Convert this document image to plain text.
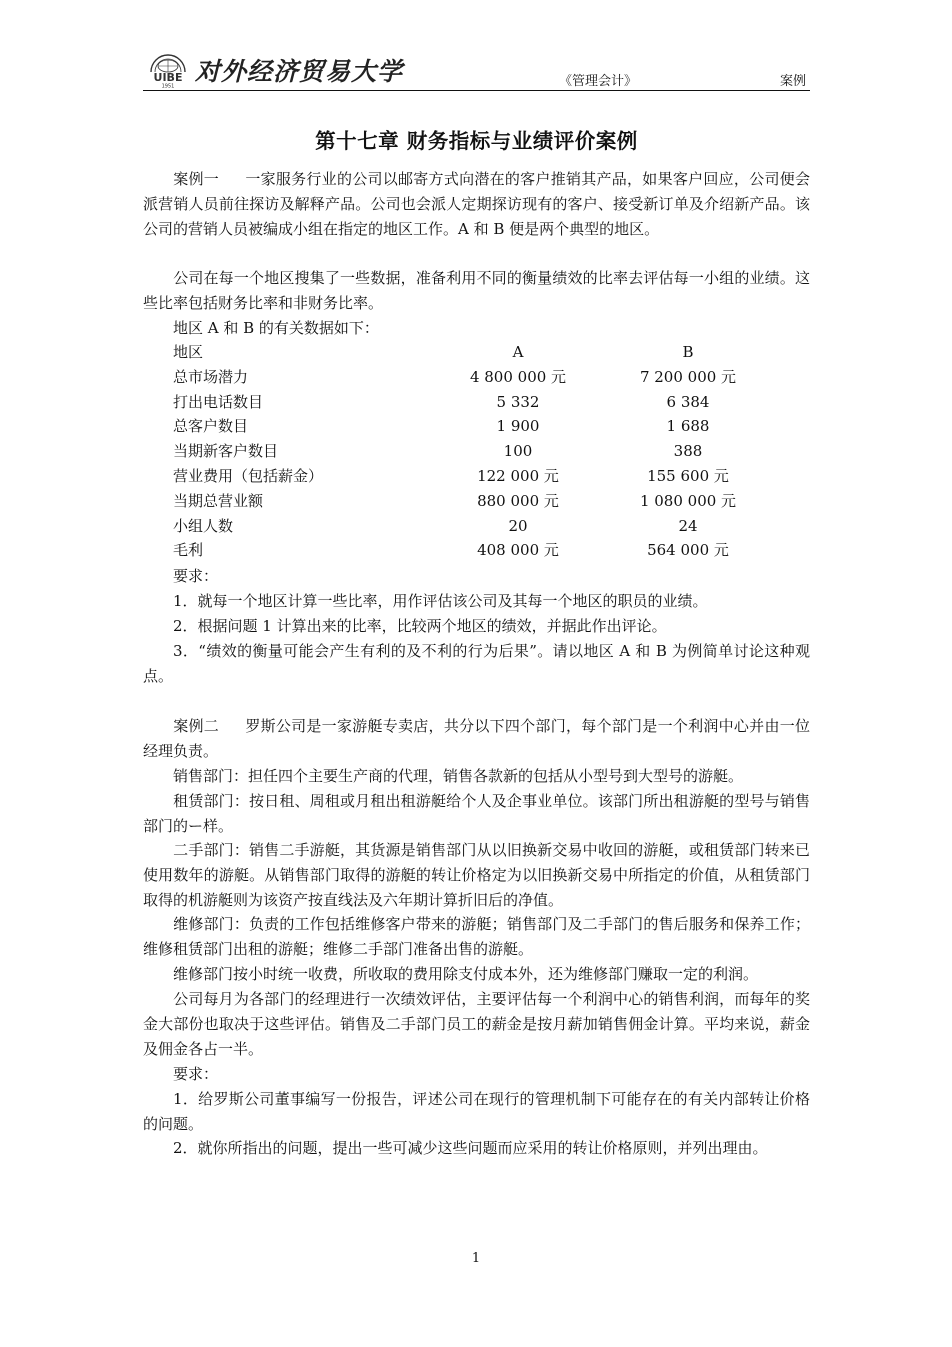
UIBE
1951
对外经济贸易大学	《管理会计》	案例
第十七章 财务指标与业绩评价案例

案例一 一家服务行业的公司以邮寄方式向潜在的客户推销其产品，如果客户回应，公司便会派营销人员前往探访及解释产品。公司也会派人定期探访现有的客户、接受新订单及介绍新产品。该公司的营销人员被编成小组在指定的地区工作。A 和 B 便是两个典型的地区。

公司在每一个地区搜集了一些数据，准备利用不同的衡量绩效的比率去评估每一小组的业绩。这些比率包括财务比率和非财务比率。

地区 A 和 B 的有关数据如下：

地区	A	B
总市场潜力	4 800 000 元	7 200 000 元
打出电话数目	5 332	6 384
总客户数目	1 900	1 688
当期新客户数目	100	388
营业费用（包括薪金）	122 000 元	155 600 元
当期总营业额	880 000 元	1 080 000 元
小组人数	20	24
毛利	408 000 元	564 000 元

要求：

1．就每一个地区计算一些比率，用作评估该公司及其每一个地区的职员的业绩。

2．根据问题 1 计算出来的比率，比较两个地区的绩效，并据此作出评论。

3．“绩效的衡量可能会产生有利的及不利的行为后果”。请以地区 A 和 B 为例简单讨论这种观点。

案例二 罗斯公司是一家游艇专卖店，共分以下四个部门，每个部门是一个利润中心并由一位经理负责。

销售部门：担任四个主要生产商的代理，销售各款新的包括从小型号到大型号的游艇。

租赁部门：按日租、周租或月租出租游艇给个人及企事业单位。该部门所出租游艇的型号与销售部门的ー样。

二手部门：销售二手游艇，其货源是销售部门从以旧换新交易中收回的游艇，或租赁部门转来已使用数年的游艇。从销售部门取得的游艇的转让价格定为以旧换新交易中所指定的价值，从租赁部门取得的机游艇则为该资产按直线法及六年期计算折旧后的净值。

维修部门：负责的工作包括维修客户带来的游艇；销售部门及二手部门的售后服务和保养工作；维修租赁部门出租的游艇；维修二手部门准备出售的游艇。

维修部门按小时统一收费，所收取的费用除支付成本外，还为维修部门赚取一定的利润。

公司每月为各部门的经理进行一次绩效评估，主要评估每一个利润中心的销售利润，而每年的奖金大部份也取决于这些评估。销售及二手部门员工的薪金是按月薪加销售佣金计算。平均来说，薪金及佣金各占一半。

要求：

1．给罗斯公司董事编写一份报告，评述公司在现行的管理机制下可能存在的有关内部转让价格的问题。

2．就你所指出的问题，提出一些可减少这些问题而应采用的转让价格原则，并列出理由。

1
